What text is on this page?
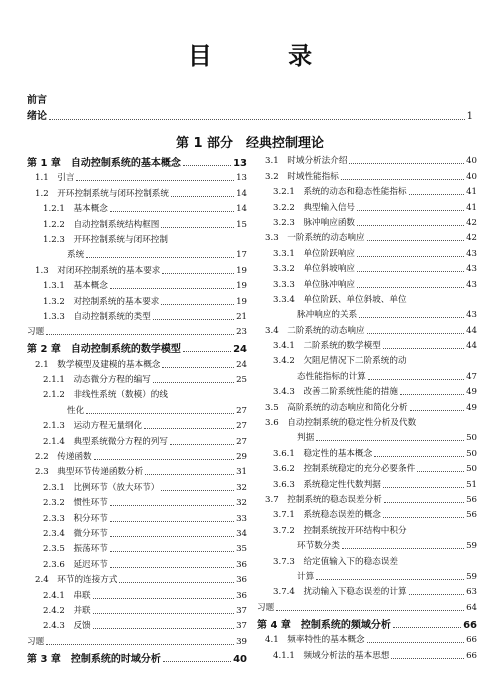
目 录
前言
绪论	1
第 1 部分　经典控制理论
第 1 章　自动控制系统的基本概念	13
1.1　引言	13
1.2　开环控制系统与闭环控制系统	14
1.2.1　基本概念	14
1.2.2　自动控制系统结构框图	15
1.2.3　开环控制系统与闭环控制
系统	17
1.3　对闭环控制系统的基本要求	19
1.3.1　基本概念	19
1.3.2　对控制系统的基本要求	19
1.3.3　自动控制系统的类型	21
习题	23
第 2 章　自动控制系统的数学模型	24
2.1　数学模型及建模的基本概念	24
2.1.1　动态微分方程的编写	25
2.1.2　非线性系统（数模）的线
性化	27
2.1.3　运动方程无量纲化	27
2.1.4　典型系统微分方程的列写	27
2.2　传递函数	29
2.3　典型环节传递函数分析	31
2.3.1　比例环节（放大环节）	32
2.3.2　惯性环节	32
2.3.3　积分环节	33
2.3.4　微分环节	34
2.3.5　振荡环节	35
2.3.6　延迟环节	36
2.4　环节的连接方式	36
2.4.1　串联	36
2.4.2　并联	37
2.4.3　反馈	37
习题	39
第 3 章　控制系统的时域分析	40
3.1　时域分析法介绍	40
3.2　时域性能指标	40
3.2.1　系统的动态和稳态性能指标	41
3.2.2　典型输入信号	41
3.2.3　脉冲响应函数	42
3.3　一阶系统的动态响应	42
3.3.1　单位阶跃响应	43
3.3.2　单位斜坡响应	43
3.3.3　单位脉冲响应	43
3.3.4　单位阶跃、单位斜坡、单位
脉冲响应的关系	43
3.4　二阶系统的动态响应	44
3.4.1　二阶系统的数学模型	44
3.4.2　欠阻尼情况下二阶系统的动
态性能指标的计算	47
3.4.3　改善二阶系统性能的措施	49
3.5　高阶系统的动态响应和简化分析	49
3.6　自动控制系统的稳定性分析及代数
判据	50
3.6.1　稳定性的基本概念	50
3.6.2　控制系统稳定的充分必要条件	50
3.6.3　系统稳定性代数判据	51
3.7　控制系统的稳态误差分析	56
3.7.1　系统稳态误差的概念	56
3.7.2　控制系统按开环结构中积分
环节数分类	59
3.7.3　给定值输入下的稳态误差
计算	59
3.7.4　扰动输入下稳态误差的计算	63
习题	64
第 4 章　控制系统的频域分析	66
4.1　频率特性的基本概念	66
4.1.1　频域分析法的基本思想	66
